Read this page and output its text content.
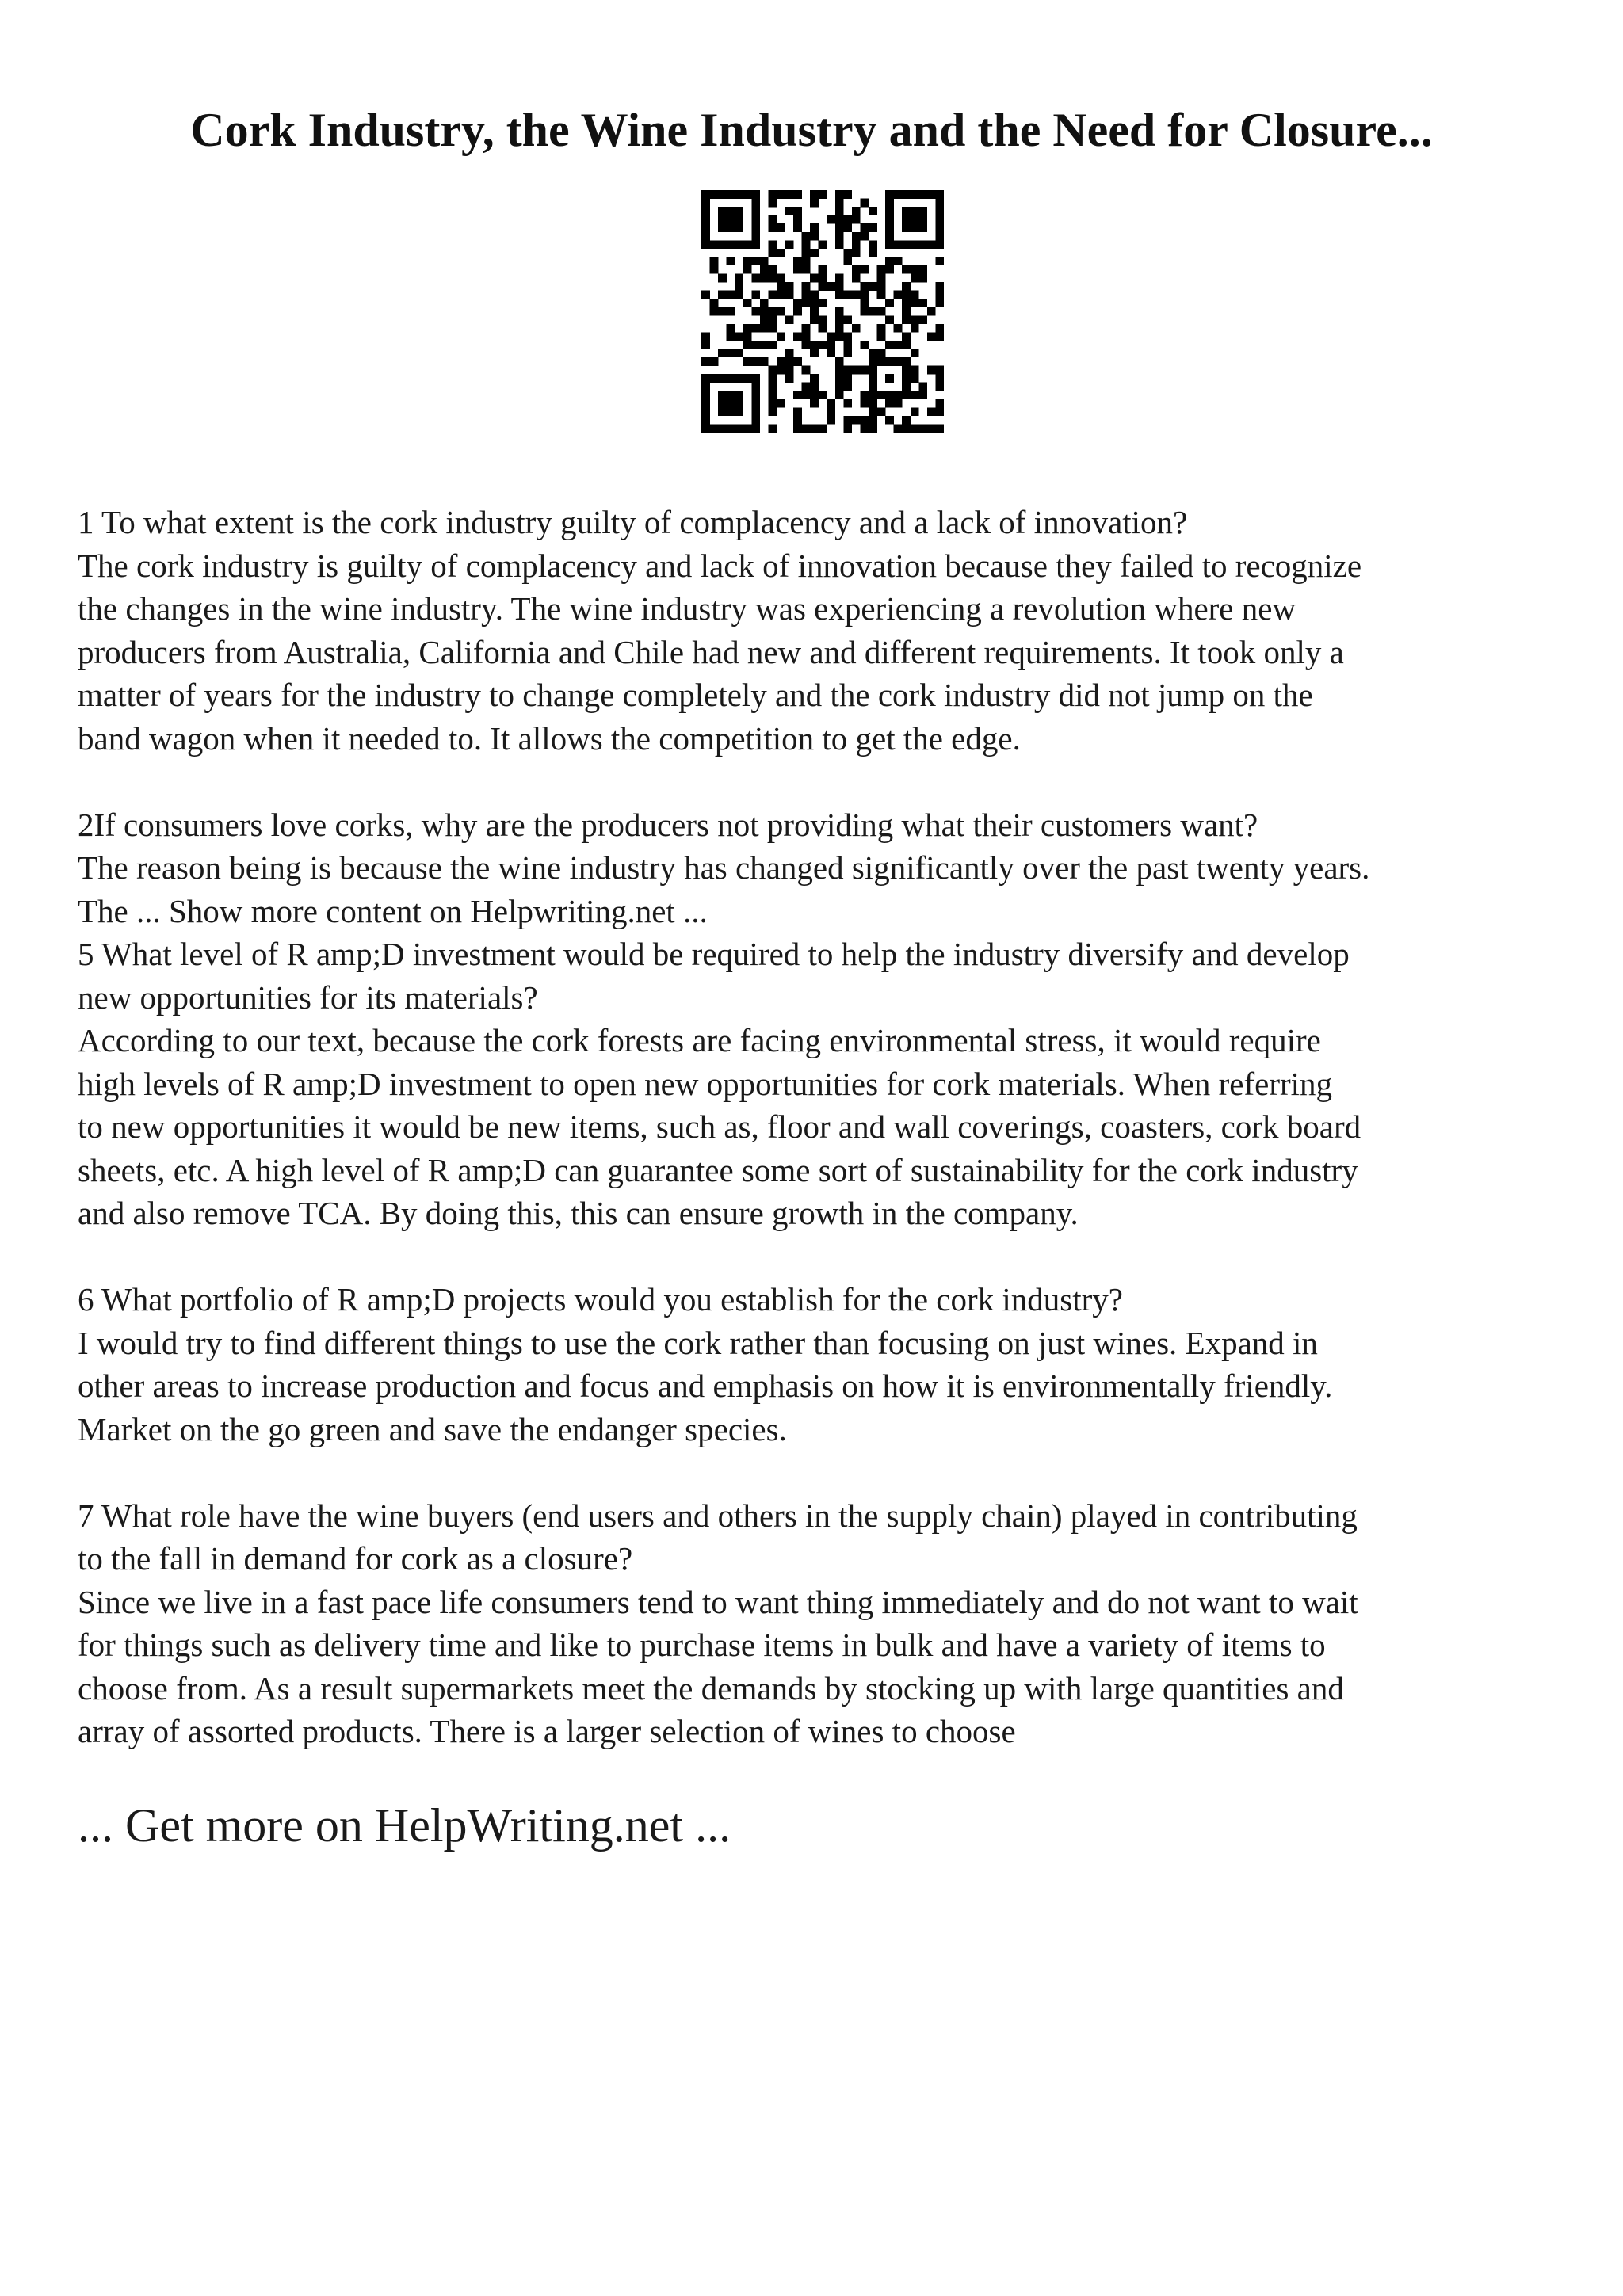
Cork Industry, the Wine Industry and the Need for Closure...
1 To what extent is the cork industry guilty of complacency and a lack of innovation?
The cork industry is guilty of complacency and lack of innovation because they failed to recognize
the changes in the wine industry. The wine industry was experiencing a revolution where new
producers from Australia, California and Chile had new and different requirements. It took only a
matter of years for the industry to change completely and the cork industry did not jump on the
band wagon when it needed to. It allows the competition to get the edge.
2If consumers love corks, why are the producers not providing what their customers want?
The reason being is because the wine industry has changed significantly over the past twenty years.
The ... Show more content on Helpwriting.net ...
5 What level of R amp;D investment would be required to help the industry diversify and develop
new opportunities for its materials?
According to our text, because the cork forests are facing environmental stress, it would require
high levels of R amp;D investment to open new opportunities for cork materials. When referring
to new opportunities it would be new items, such as, floor and wall coverings, coasters, cork board
sheets, etc. A high level of R amp;D can guarantee some sort of sustainability for the cork industry
and also remove TCA. By doing this, this can ensure growth in the company.
6 What portfolio of R amp;D projects would you establish for the cork industry?
I would try to find different things to use the cork rather than focusing on just wines. Expand in
other areas to increase production and focus and emphasis on how it is environmentally friendly.
Market on the go green and save the endanger species.
7 What role have the wine buyers (end users and others in the supply chain) played in contributing
to the fall in demand for cork as a closure?
Since we live in a fast pace life consumers tend to want thing immediately and do not want to wait
for things such as delivery time and like to purchase items in bulk and have a variety of items to
choose from. As a result supermarkets meet the demands by stocking up with large quantities and
array of assorted products. There is a larger selection of wines to choose
... Get more on HelpWriting.net ...
